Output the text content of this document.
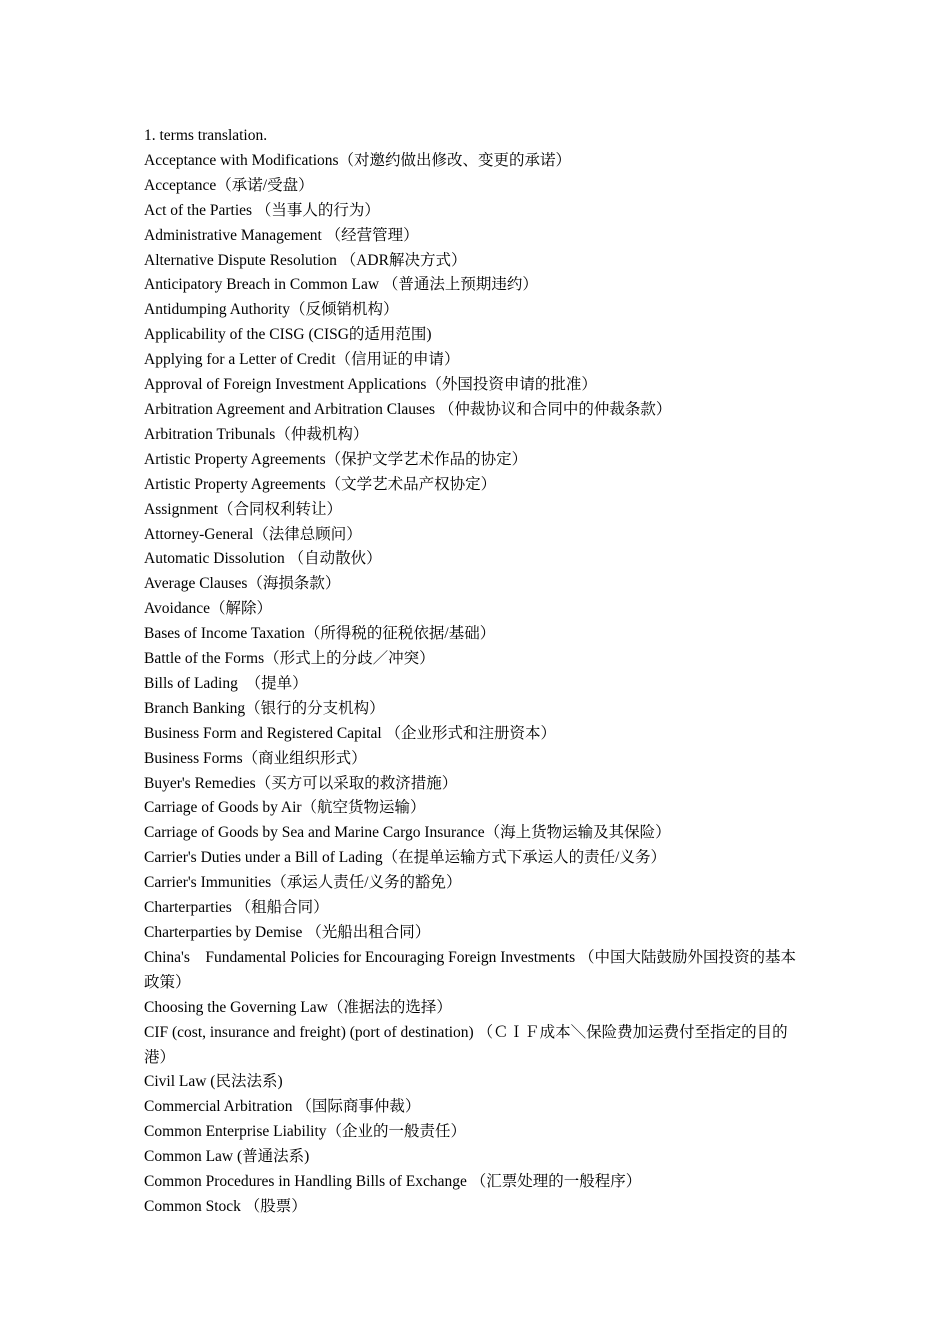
1. terms translation.
Acceptance with Modifications（对邀约做出修改、变更的承诺）
Acceptance（承诺/受盘）
Act of the Parties （当事人的行为）
Administrative Management （经营管理）
Alternative Dispute Resolution （ADR解决方式）
Anticipatory Breach in Common Law （普通法上预期违约）
Antidumping Authority（反倾销机构）
Applicability of the CISG (CISG的适用范围)
Applying for a Letter of Credit（信用证的申请）
Approval of Foreign Investment Applications（外国投资申请的批准）
Arbitration Agreement and Arbitration Clauses （仲裁协议和合同中的仲裁条款）
Arbitration Tribunals（仲裁机构）
Artistic Property Agreements（保护文学艺术作品的协定）
Artistic Property Agreements（文学艺术品产权协定）
Assignment（合同权利转让）
Attorney-General（法律总顾问）
Automatic Dissolution （自动散伙）
Average Clauses（海损条款）
Avoidance（解除）
Bases of Income Taxation（所得税的征税依据/基础）
Battle of the Forms（形式上的分歧／冲突）
Bills of Lading  （提单）
Branch Banking（银行的分支机构）
Business Form and Registered Capital （企业形式和注册资本）
Business Forms（商业组织形式）
Buyer's Remedies（买方可以采取的救济措施）
Carriage of Goods by Air（航空货物运输）
Carriage of Goods by Sea and Marine Cargo Insurance（海上货物运输及其保险）
Carrier's Duties under a Bill of Lading（在提单运输方式下承运人的责任/义务）
Carrier's Immunities（承运人责任/义务的豁免）
Charterparties （租船合同）
Charterparties by Demise （光船出租合同）
China's    Fundamental Policies for Encouraging Foreign Investments （中国大陆鼓励外国投资的基本政策）
Choosing the Governing Law（准据法的选择）
CIF (cost, insurance and freight) (port of destination) （ＣＩＦ成本＼保险费加运费付至指定的目的港）
Civil Law (民法法系)
Commercial Arbitration （国际商事仲裁）
Common Enterprise Liability（企业的一般责任）
Common Law (普通法系)
Common Procedures in Handling Bills of Exchange （汇票处理的一般程序）
Common Stock （股票）
